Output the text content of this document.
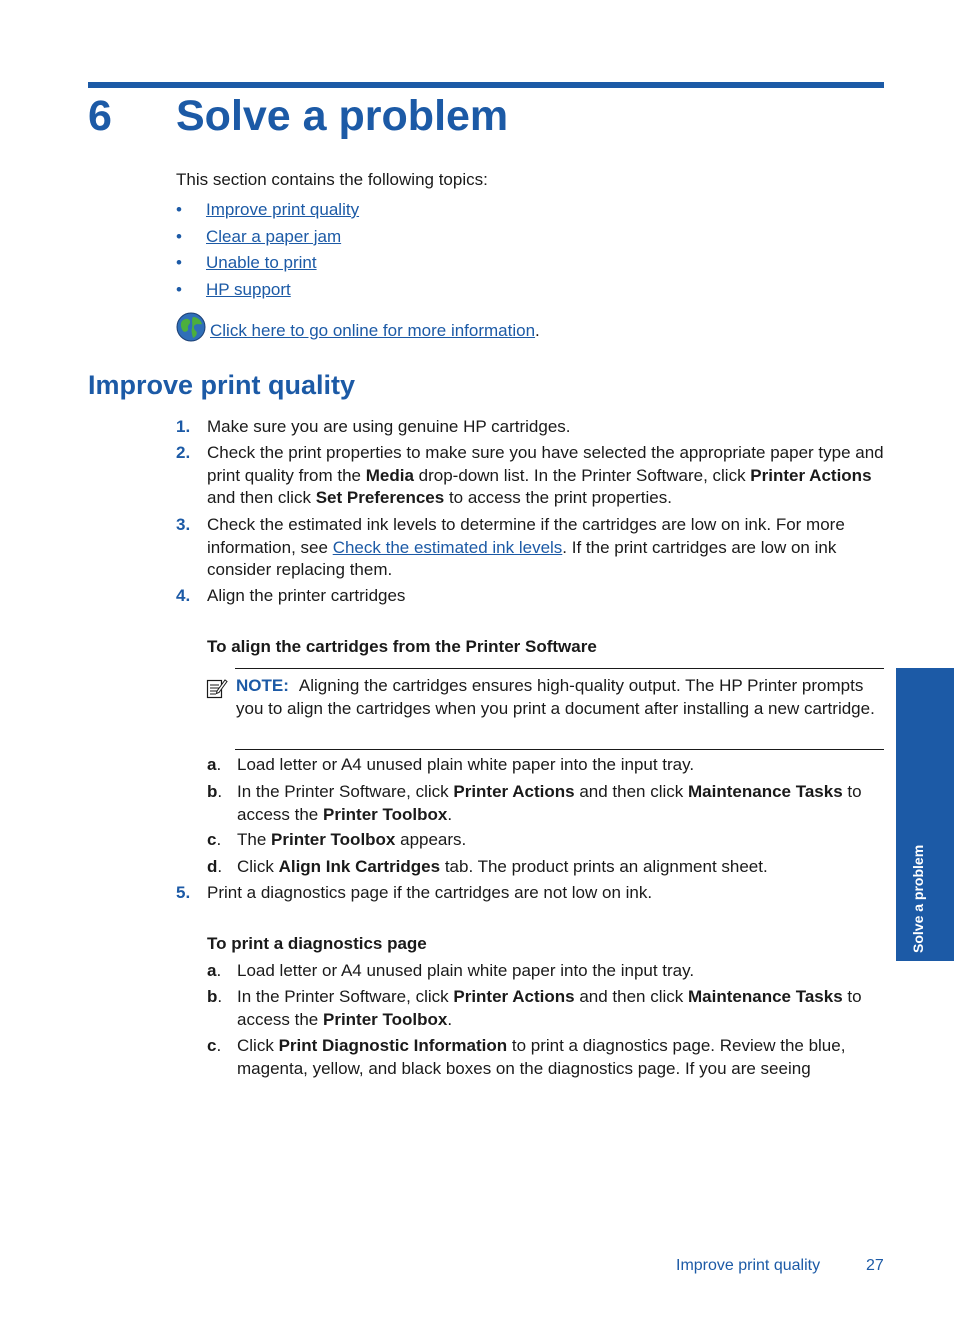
6 Solve a problem
This section contains the following topics:
• Improve print quality
• Clear a paper jam
• Unable to print
• HP support
Click here to go online for more information .
Improve print quality
1. Make sure you are using genuine HP cartridges.
2. Check the print properties to make sure you have selected the appropriate paper type and print quality from the Media drop-down list. In the Printer Software, click Printer Actions and then click Set Preferences to access the print properties.
3. Check the estimated ink levels to determine if the cartridges are low on ink. For more information, see Check the estimated ink levels. If the print cartridges are low on ink consider replacing them.
4. Align the printer cartridges
To align the cartridges from the Printer Software
NOTE: Aligning the cartridges ensures high-quality output. The HP Printer prompts you to align the cartridges when you print a document after installing a new cartridge.
a. Load letter or A4 unused plain white paper into the input tray.
b. In the Printer Software, click Printer Actions and then click Maintenance Tasks to access the Printer Toolbox.
c. The Printer Toolbox appears.
d. Click Align Ink Cartridges tab. The product prints an alignment sheet.
5. Print a diagnostics page if the cartridges are not low on ink.
To print a diagnostics page
a. Load letter or A4 unused plain white paper into the input tray.
b. In the Printer Software, click Printer Actions and then click Maintenance Tasks to access the Printer Toolbox.
c. Click Print Diagnostic Information to print a diagnostics page. Review the blue, magenta, yellow, and black boxes on the diagnostics page. If you are seeing
Solve a problem
Improve print quality	27
